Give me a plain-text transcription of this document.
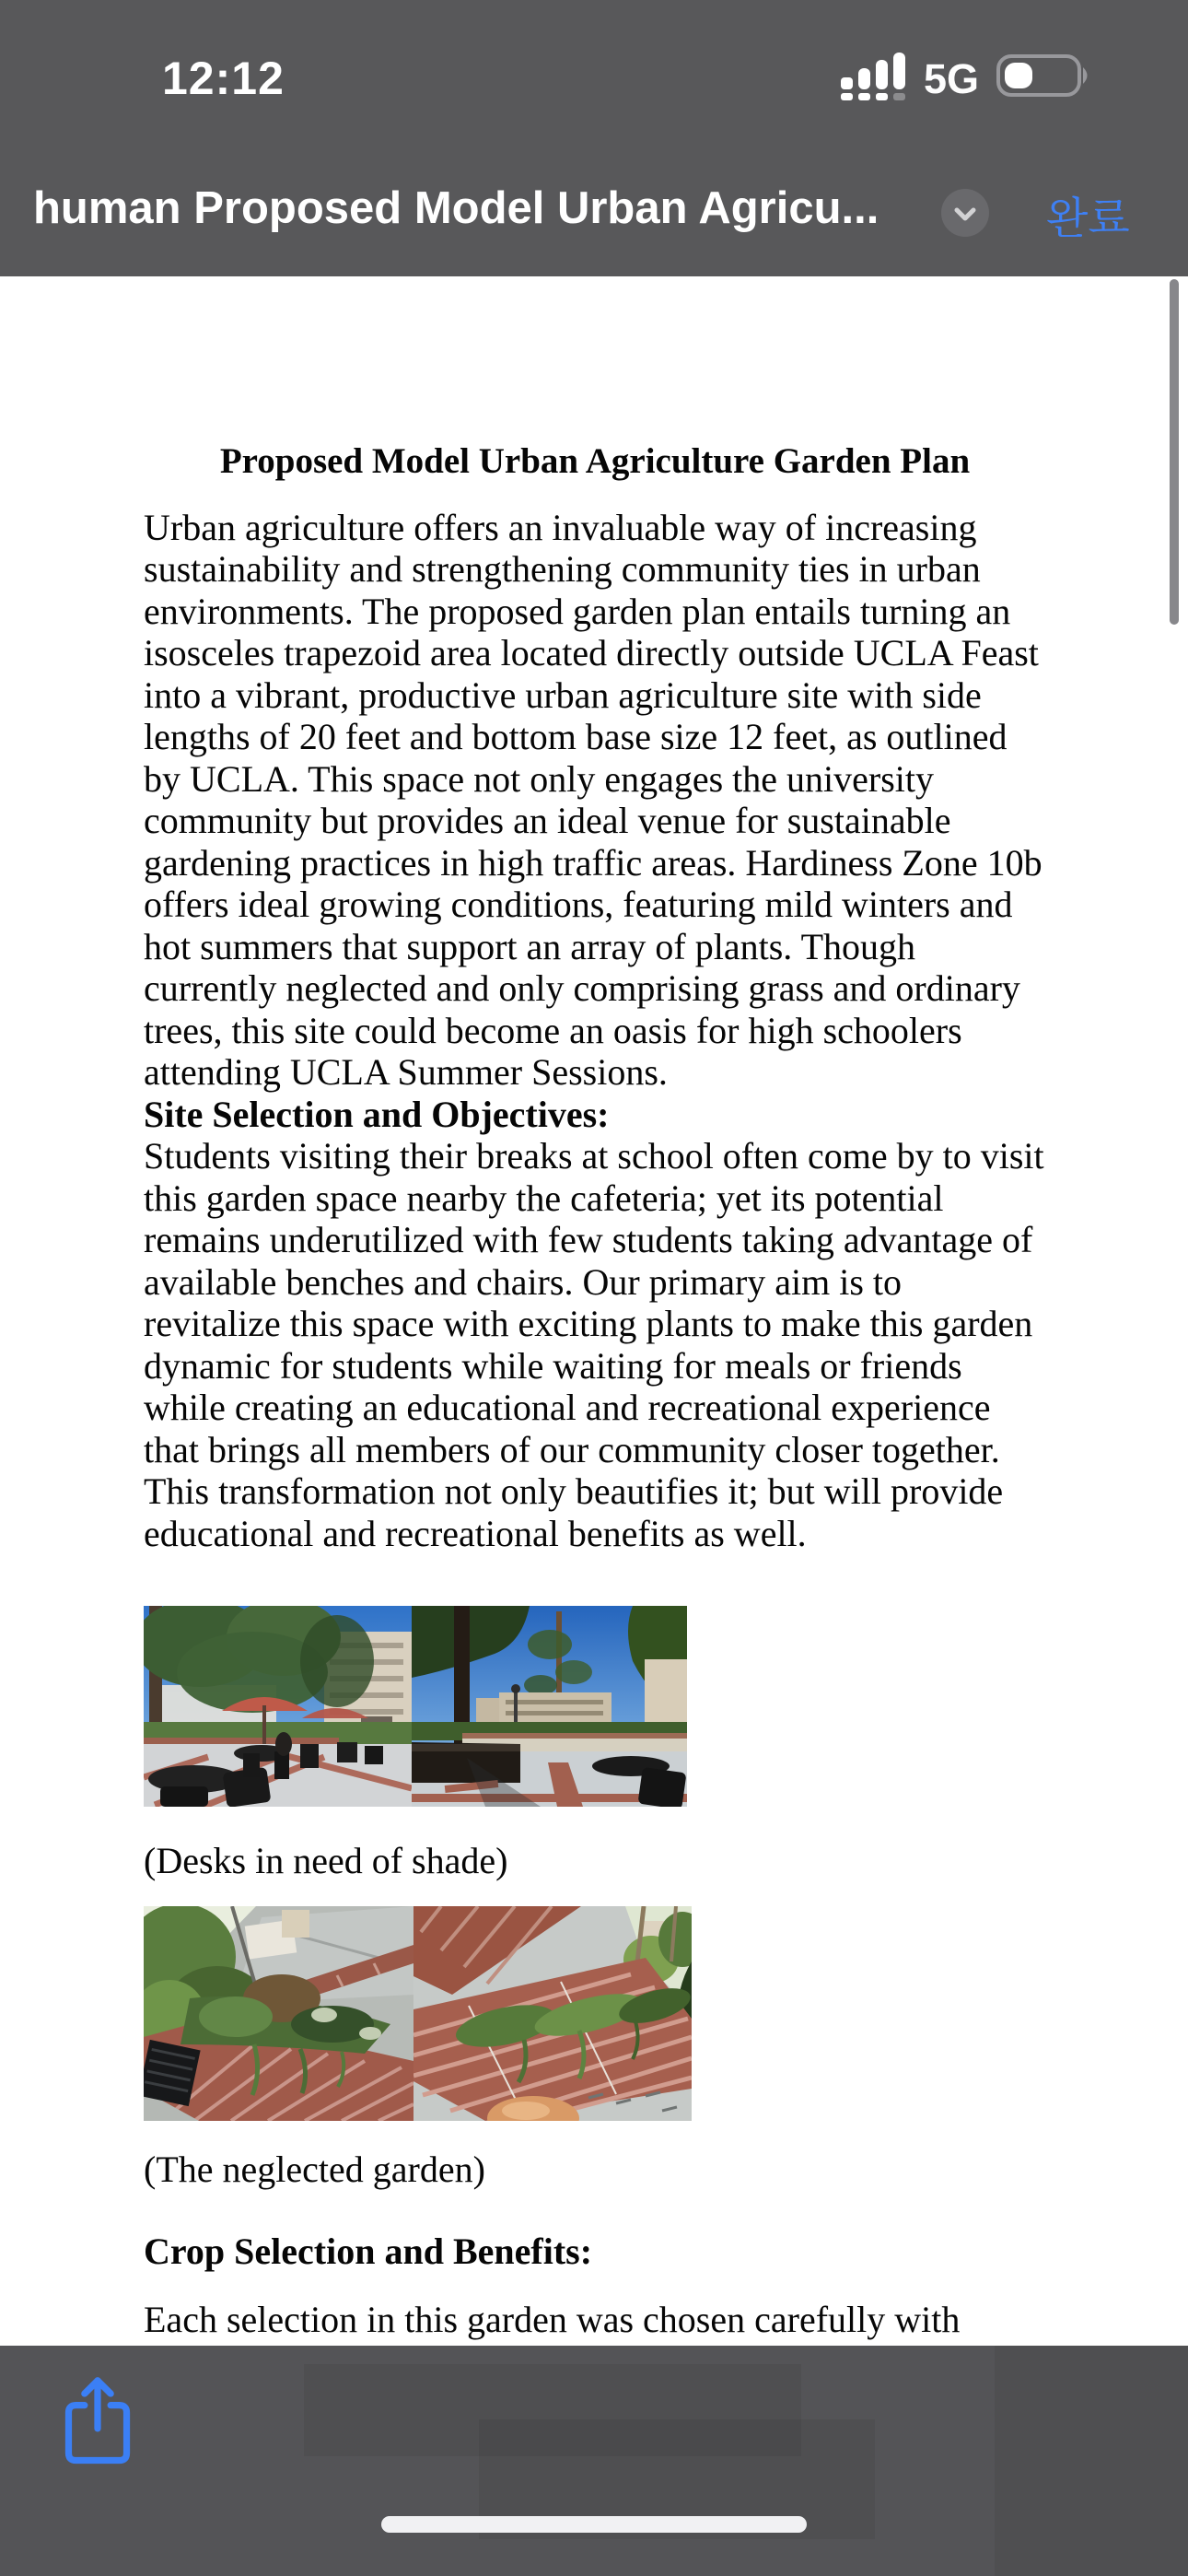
12:12	5G
human Proposed Model Urban Agricu...	완료
Proposed Model Urban Agriculture Garden Plan

Urban agriculture offers an invaluable way of increasing sustainability and strengthening community ties in urban environments. The proposed garden plan entails turning an isosceles trapezoid area located directly outside UCLA Feast into a vibrant, productive urban agriculture site with side lengths of 20 feet and bottom base size 12 feet, as outlined by UCLA. This space not only engages the university community but provides an ideal venue for sustainable gardening practices in high traffic areas. Hardiness Zone 10b offers ideal growing conditions, featuring mild winters and hot summers that support an array of plants. Though currently neglected and only comprising grass and ordinary trees, this site could become an oasis for high schoolers attending UCLA Summer Sessions.

Site Selection and Objectives:

Students visiting their breaks at school often come by to visit this garden space nearby the cafeteria; yet its potential remains underutilized with few students taking advantage of available benches and chairs. Our primary aim is to revitalize this space with exciting plants to make this garden dynamic for students while waiting for meals or friends while creating an educational and recreational experience that brings all members of our community closer together. This transformation not only beautifies it; but will provide educational and recreational benefits as well.

(Desks in need of shade)

(The neglected garden)

Crop Selection and Benefits:

Each selection in this garden was chosen carefully with
